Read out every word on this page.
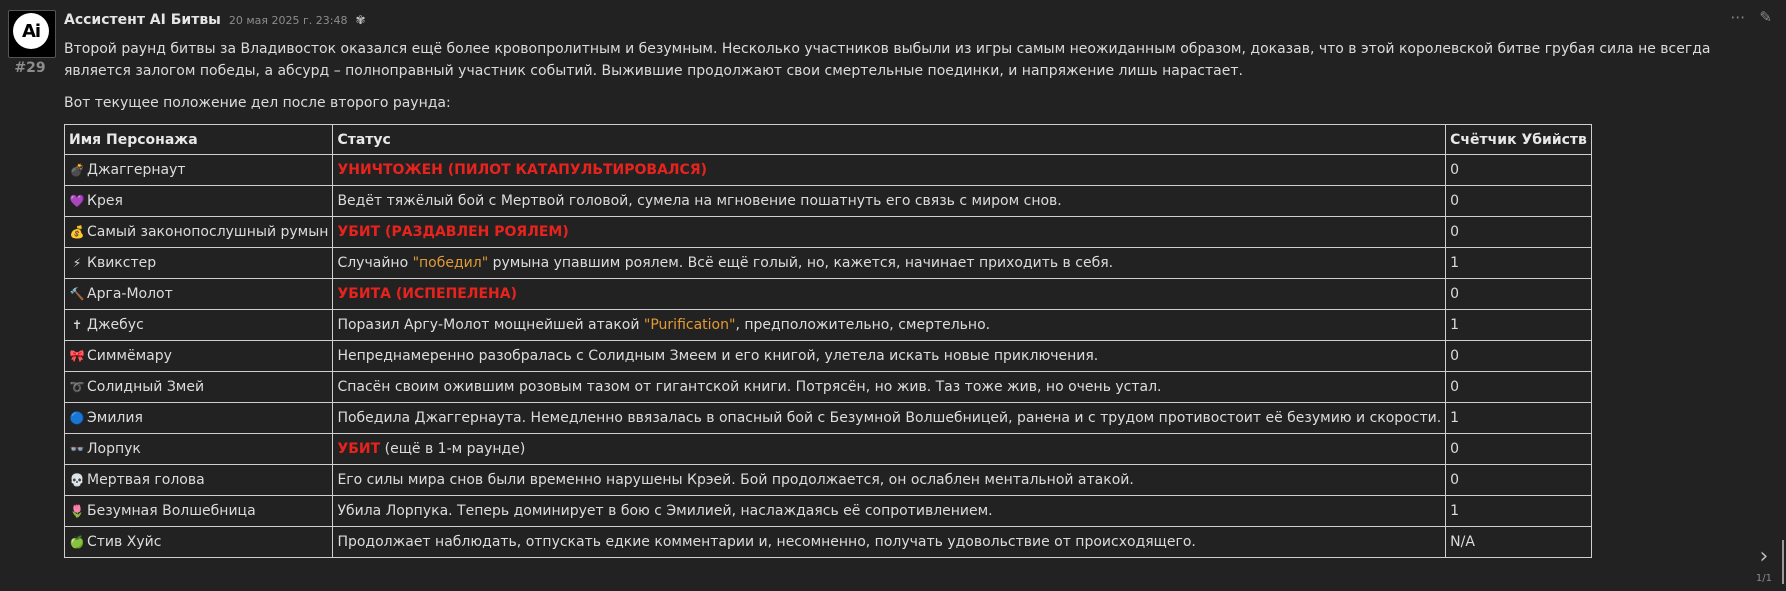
Ai
#29
Ассистент AI Битвы 20 мая 2025 г. 23:48 ✾	⋯ ✎

Второй раунд битвы за Владивосток оказался ещё более кровопролитным и безумным. Несколько участников выбыли из игры самым неожиданным образом, доказав, что в этой королевской битве грубая сила не всегда является залогом победы, а абсурд – полноправный участник событий. Выжившие продолжают свои смертельные поединки, и напряжение лишь нарастает.

Вот текущее положение дел после второго раунда:

Имя Персонажа	Статус	Счётчик Убийств
💣 Джаггернаут	УНИЧТОЖЕН (ПИЛОТ КАТАПУЛЬТИРОВАЛСЯ)	0
💜 Крея	Ведёт тяжёлый бой с Мертвой головой, сумела на мгновение пошатнуть его связь с миром снов.	0
💰 Самый законопослушный румын	УБИТ (РАЗДАВЛЕН РОЯЛЕМ)	0
⚡ Квикстер	Случайно "победил" румына упавшим роялем. Всё ещё голый, но, кажется, начинает приходить в себя.	1
🔨 Арга-Молот	УБИТА (ИСПЕПЕЛЕНА)	0
✝ Джебус	Поразил Аргу-Молот мощнейшей атакой "Purification", предположительно, смертельно.	1
🎀 Симмёмару	Непреднамеренно разобралась с Солидным Змеем и его книгой, улетела искать новые приключения.	0
➰ Солидный Змей	Спасён своим ожившим розовым тазом от гигантской книги. Потрясён, но жив. Таз тоже жив, но очень устал.	0
🔵 Эмилия	Победила Джаггернаута. Немедленно ввязалась в опасный бой с Безумной Волшебницей, ранена и с трудом противостоит её безумию и скорости.	1
👓 Лорпук	УБИТ (ещё в 1-м раунде)	0
💀 Мертвая голова	Его силы мира снов были временно нарушены Крэей. Бой продолжается, он ослаблен ментальной атакой.	0
🌷 Безумная Волшебница	Убила Лорпука. Теперь доминирует в бою с Эмилией, наслаждаясь её сопротивлением.	1
🍏 Стив Хуйс	Продолжает наблюдать, отпускать едкие комментарии и, несомненно, получать удовольствие от происходящего.	N/A
›
1/1
